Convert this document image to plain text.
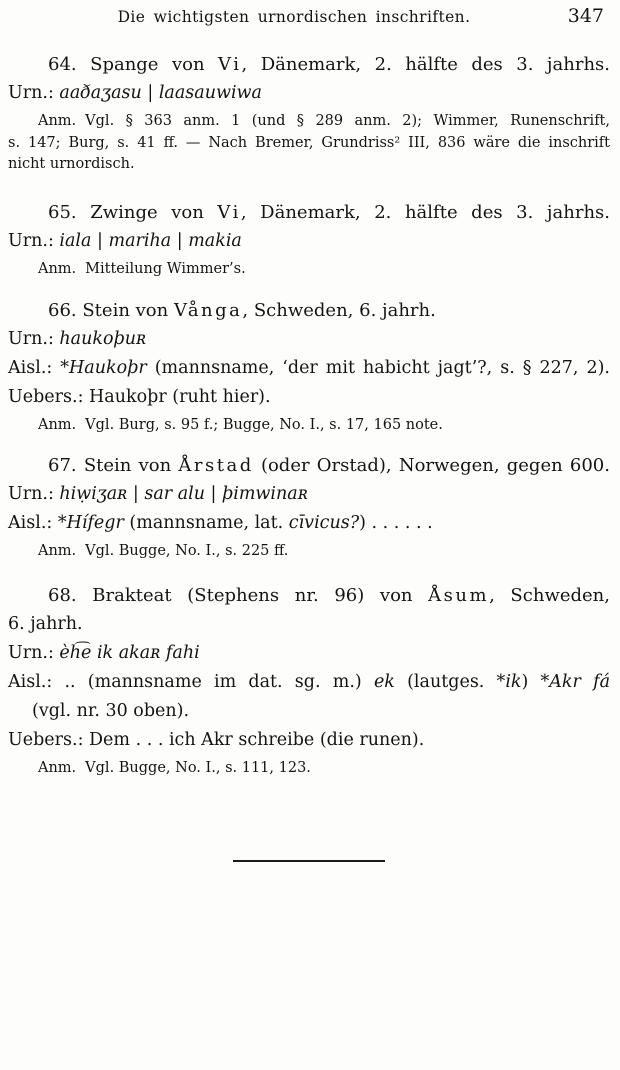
Die wichtigsten urnordischen inschriften.	347
64. Spange von Vi, Dänemark, 2. hälfte des 3. jahrhs.
Urn.: aaðaʒasu | laasauwiwa
Anm. Vgl. § 363 anm. 1 (und § 289 anm. 2); Wimmer, Runenschrift,
s. 147; Burg, s. 41 ff. — Nach Bremer, Grundriss² III, 836 wäre die inschrift
nicht urnordisch.
65. Zwinge von Vi, Dänemark, 2. hälfte des 3. jahrhs.
Urn.: iala | mariha | makia
Anm. Mitteilung Wimmer’s.
66. Stein von Vånga, Schweden, 6. jahrh.
Urn.: haukoþuʀ
Aisl.: *Haukoþr (mannsname, ‘der mit habicht jagt’?, s. § 227, 2).
Uebers.: Haukoþr (ruht hier).
Anm. Vgl. Burg, s. 95 f.; Bugge, No. I., s. 17, 165 note.
67. Stein von Årstad (oder Orstad), Norwegen, gegen 600.
Urn.: hiẉiʒaʀ | sar alu | þimwinaʀ
Aisl.: *Hífegr (mannsname, lat. cīvicus?) . . . . . .
Anm. Vgl. Bugge, No. I., s. 225 ff.
68. Brakteat (Stephens nr. 96) von Åsum, Schweden,
6. jahrh.
Urn.: èh͡e ik akaʀ fahi
Aisl.: .. (mannsname im dat. sg. m.) ek (lautges. *ik) *Akr fá
(vgl. nr. 30 oben).
Uebers.: Dem . . . ich Akr schreibe (die runen).
Anm. Vgl. Bugge, No. I., s. 111, 123.
